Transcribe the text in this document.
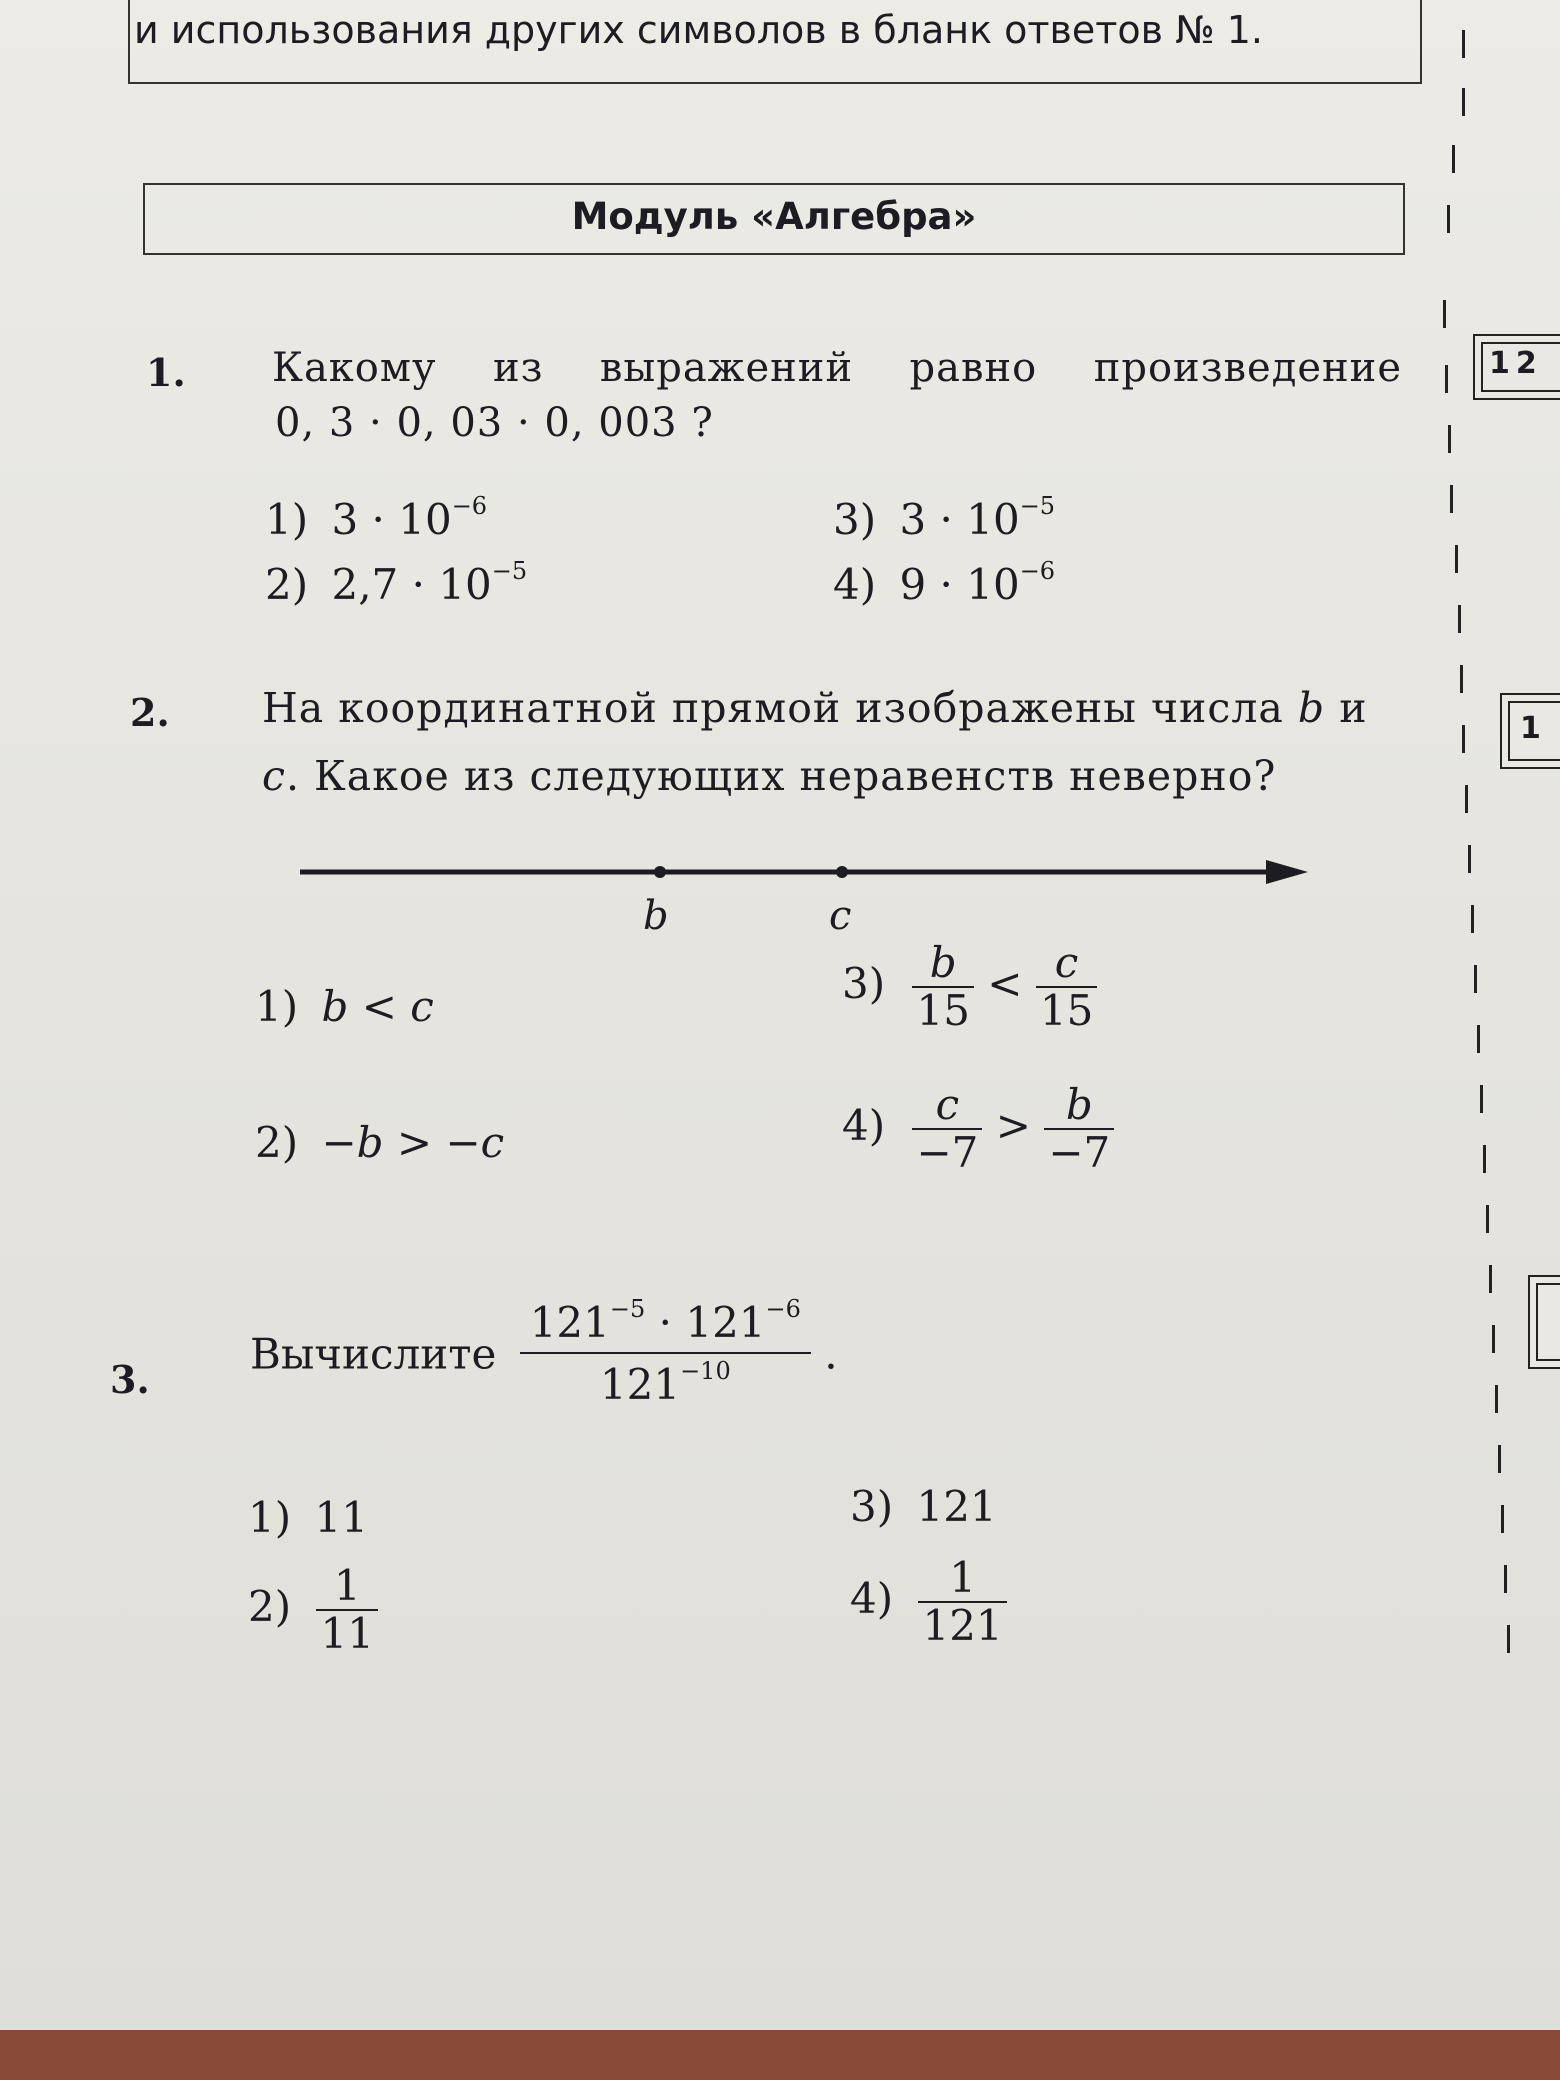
и использования других символов в бланк ответов № 1.
Модуль «Алгебра»
1. Какому из выражений равно произведение
0, 3 · 0, 03 · 0, 003 ?
1) $3 \cdot 10^{-6}$
2) $2,7 \cdot 10^{-5}$
3) $3 \cdot 10^{-5}$
4) $9 \cdot 10^{-6}$
2. На координатной прямой изображены числа b и
c. Какое из следующих неравенств неверно?
b	c
1) b < c
2) −b > −c
$3) \frac{b}{15} < \frac{c}{15}$
$4) \frac{c}{-7} > \frac{b}{-7}$
3.
Вычислите $\frac{121^{-5} \cdot 121^{-6}}{121^{-10}}$ .
1) 11
$2) \frac{1}{11}$
3) 121
$4) \frac{1}{121}$
12
1
